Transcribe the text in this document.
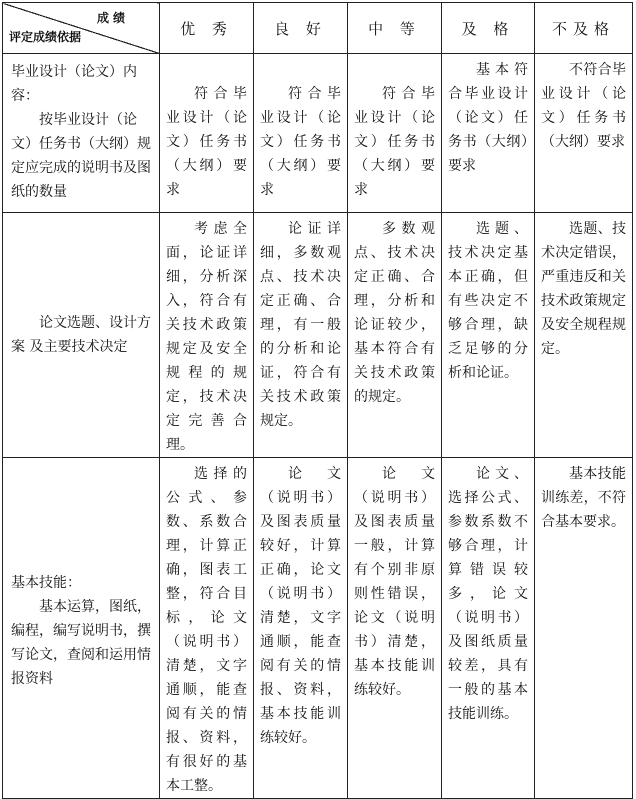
成绩
评定成绩依据	优 秀	良 好	中 等	及 格	不及格

毕业设计（论文）内容：
按毕业设计（论文）任务书（大纲）规定应完成的说明书及图纸的数量	符合毕业设计（论文）任务书（大纲）要求	符合毕业设计（论文）任务书（大纲）要求	符合毕业设计（论文）任务书（大纲）要求	基本符合毕业设计（论文）任务书（大纲）要求	不符合毕业设计（论文）任务书（大纲）要求
论文选题、设计方案 及主要技术决定	考虑全面，论证详细，分析深入，符合有关技术政策规定及安全规程的规定，技术决定完善合理。	论证详细，多数观点、技术决定正确、合理，有一般的分析和论证，符合有关技术政策规定。	多数观点、技术决定正确、合理，分析和论证较少，基本符合有关技术政策的规定。	选题、技术决定基本正确，但有些决定不够合理，缺乏足够的分析和论证。	选题、技术决定错误，严重违反和关技术政策规定及安全规程规定。

基本技能：
基本运算，图纸，编程，编写说明书，撰写论文，查阅和运用情报资料	选择的公式、参数、系数合理，计算正确，图表工整，符合目标，论文（说明书）清楚，文字通顺，能查阅有关的情报、资料，有很好的基本工整。	论文（说明书）及图表质量较好，计算正确，论文（说明书）清楚，文字通顺，能查阅有关的情报、资料，基本技能训练较好。	论文（说明书）及图表质量一般，计算有个别非原则性错误，论文（说明书）清楚，基本技能训练较好。	论文、选择公式、参数系数不够合理，计算错误较多，论文（说明书）及图纸质量较差，具有一般的基本技能训练。	基本技能训练差，不符合基本要求。
